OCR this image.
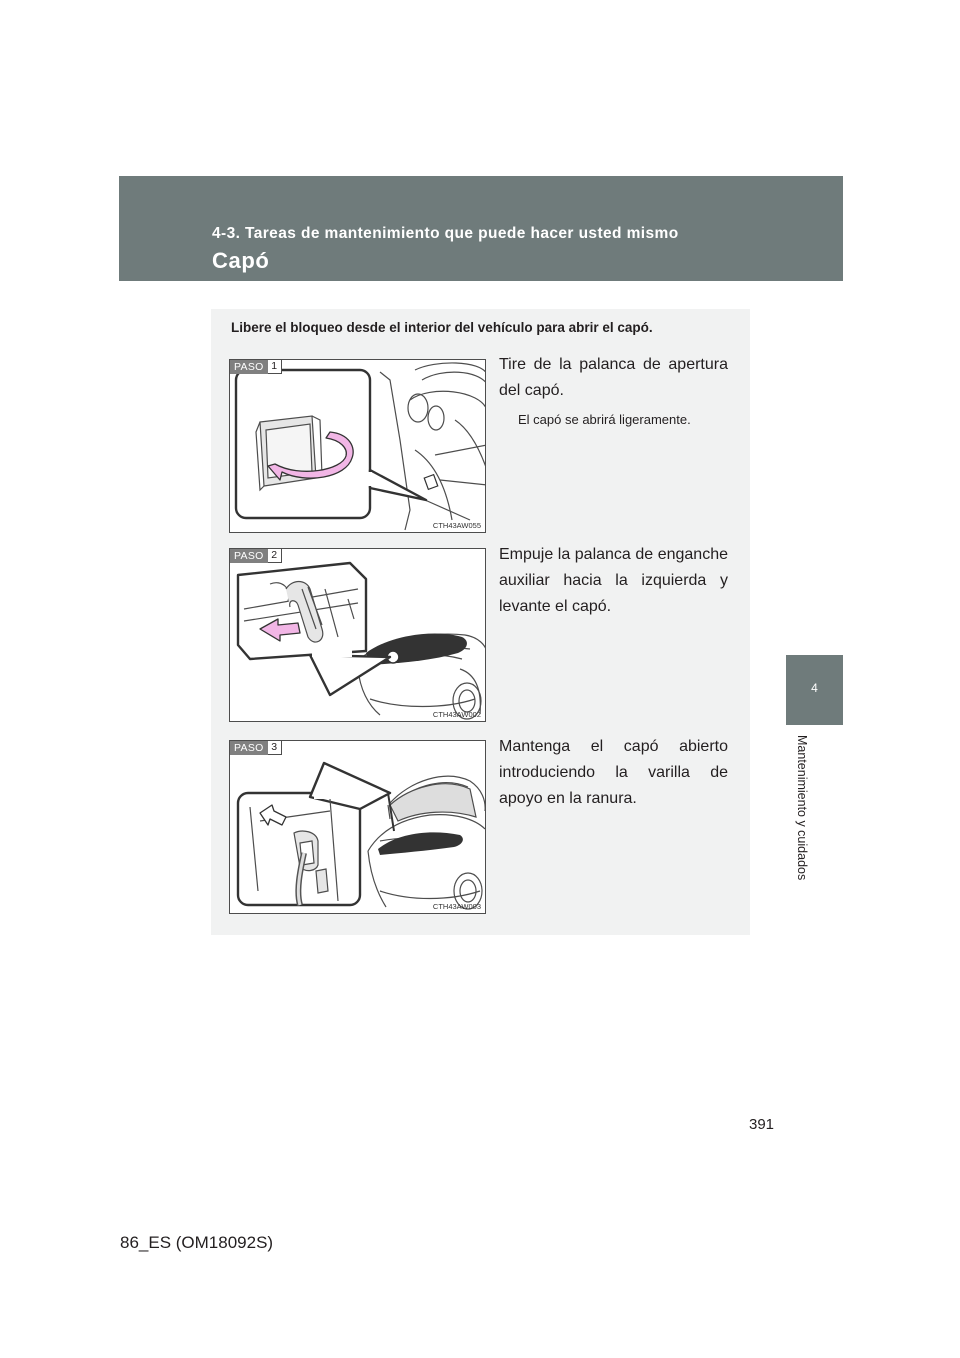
4-3. Tareas de mantenimiento que puede hacer usted mismo
Capó
4
Mantenimiento y cuidados
Libere el bloqueo desde el interior del vehículo para abrir el capó.
PASO 1
CTH43AW055
Tire de la palanca de apertura del capó.
El capó se abrirá ligeramente.
PASO 2
CTH43AW002
Empuje la palanca de enganche auxiliar hacia la izquierda y levante el capó.
PASO 3
CTH43AW003
Mantenga el capó abierto introduciendo la varilla de apoyo en la ranura.
391
86_ES (OM18092S)
